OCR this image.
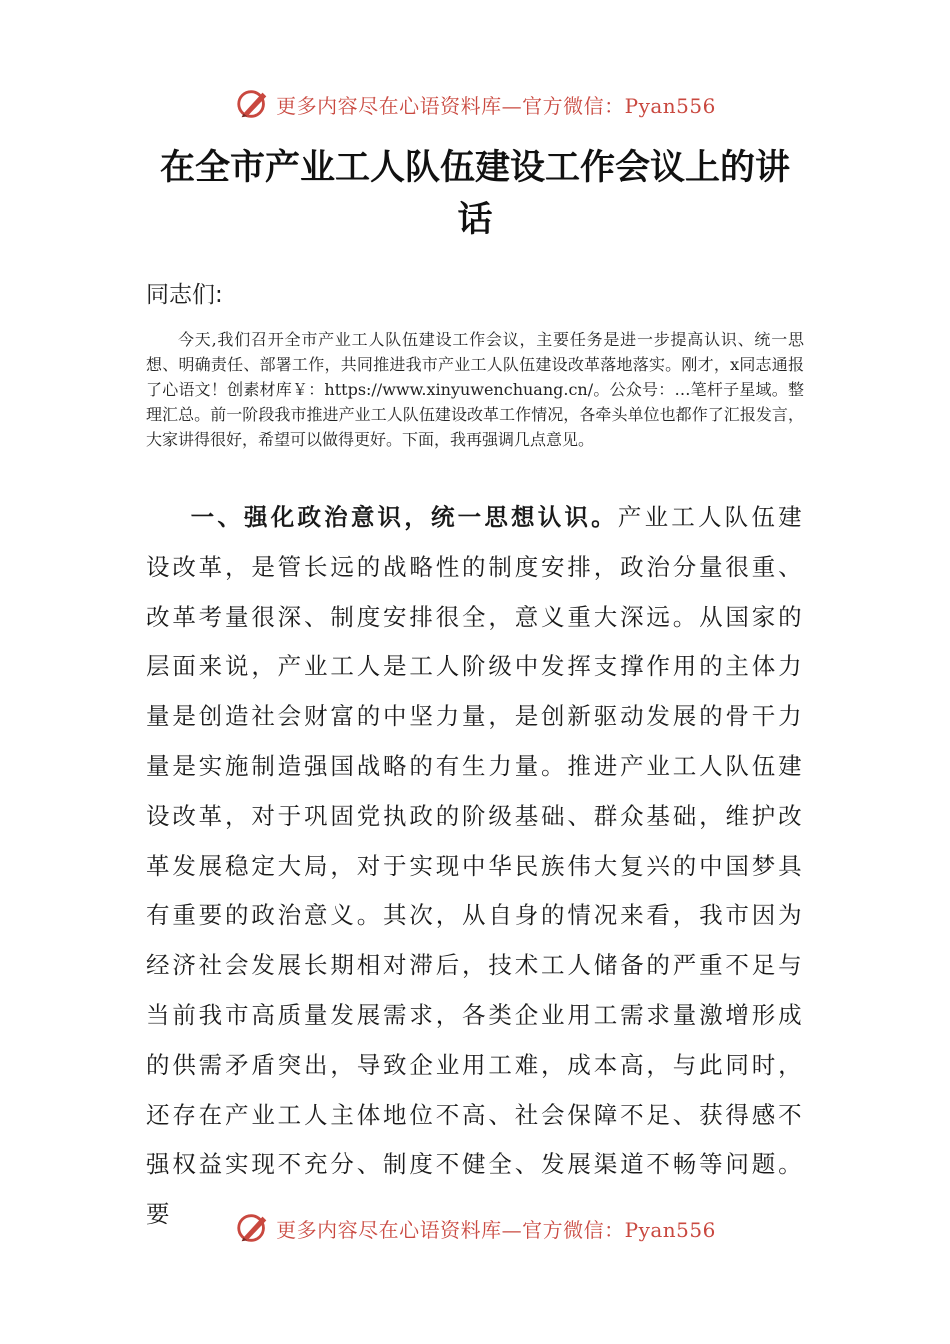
更多内容尽在心语资料库—官方微信：Pyan556
在全市产业工人队伍建设工作会议上的讲话

同志们:

今天,我们召开全市产业工人队伍建设工作会议，主要任务是进一步提高认识、统一思想、明确责任、部署工作，共同推进我市产业工人队伍建设改革落地落实。刚才，x同志通报了心语文！创素材库￥：https://www.xinyuwenchuang.cn/。公众号：…笔杆子星域。整理汇总。前一阶段我市推进产业工人队伍建设改革工作情况，各牵头单位也都作了汇报发言，大家讲得很好，希望可以做得更好。下面，我再强调几点意见。

一、强化政治意识，统一思想认识。产业工人队伍建设改革，是管长远的战略性的制度安排，政治分量很重、改革考量很深、制度安排很全，意义重大深远。从国家的层面来说，产业工人是工人阶级中发挥支撑作用的主体力量是创造社会财富的中坚力量，是创新驱动发展的骨干力量是实施制造强国战略的有生力量。推进产业工人队伍建设改革，对于巩固党执政的阶级基础、群众基础，维护改革发展稳定大局，对于实现中华民族伟大复兴的中国梦具有重要的政治意义。其次，从自身的情况来看，我市因为经济社会发展长期相对滞后，技术工人储备的严重不足与当前我市高质量发展需求，各类企业用工需求量激增形成的供需矛盾突出，导致企业用工难，成本高，与此同时，还存在产业工人主体地位不高、社会保障不足、获得感不强权益实现不充分、制度不健全、发展渠道不畅等问题。要

更多内容尽在心语资料库—官方微信：Pyan556
